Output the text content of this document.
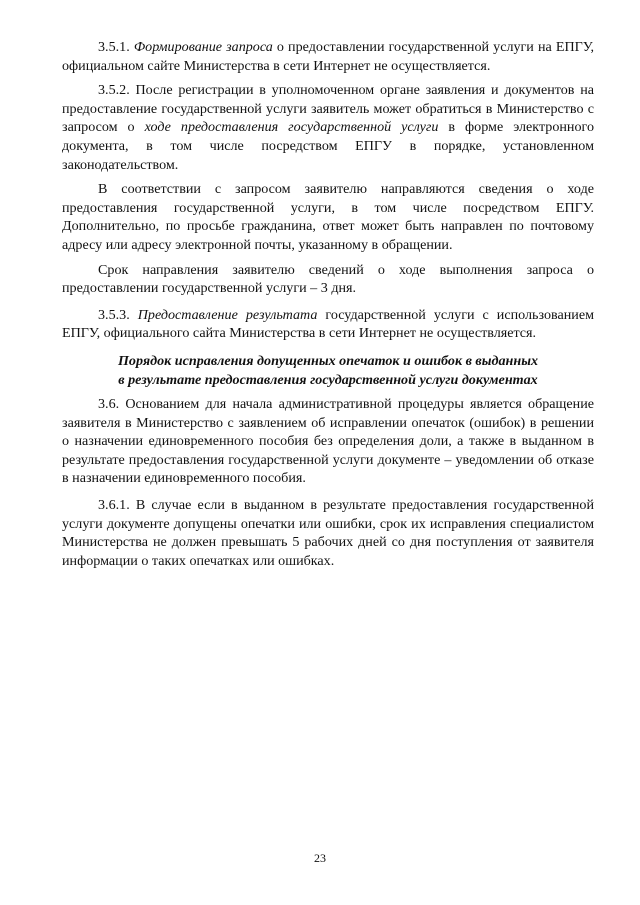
3.5.1. Формирование запроса о предоставлении государственной услуги на ЕПГУ, официальном сайте Министерства в сети Интернет не осуществляется.

3.5.2. После регистрации в уполномоченном органе заявления и документов на предоставление государственной услуги заявитель может обратиться в Министерство с запросом о ходе предоставления государственной услуги в форме электронного документа, в том числе посредством ЕПГУ в порядке, установленном законодательством.

В соответствии с запросом заявителю направляются сведения о ходе предоставления государственной услуги, в том числе посредством ЕПГУ. Дополнительно, по просьбе гражданина, ответ может быть направлен по почтовому адресу или адресу электронной почты, указанному в обращении.

Срок направления заявителю сведений о ходе выполнения запроса о предоставлении государственной услуги – 3 дня.

3.5.3. Предоставление результата государственной услуги с использованием ЕПГУ, официального сайта Министерства в сети Интернет не осуществляется.

Порядок исправления допущенных опечаток и ошибок в выданных
в результате предоставления государственной услуги документах

3.6. Основанием для начала административной процедуры является обращение заявителя в Министерство с заявлением об исправлении опечаток (ошибок) в решении о назначении единовременного пособия без определения доли, а также в выданном в результате предоставления государственной услуги документе – уведомлении об отказе в назначении единовременного пособия.

3.6.1. В случае если в выданном в результате предоставления государственной услуги документе допущены опечатки или ошибки, срок их исправления специалистом Министерства не должен превышать 5 рабочих дней со дня поступления от заявителя информации о таких опечатках или ошибках.

23
